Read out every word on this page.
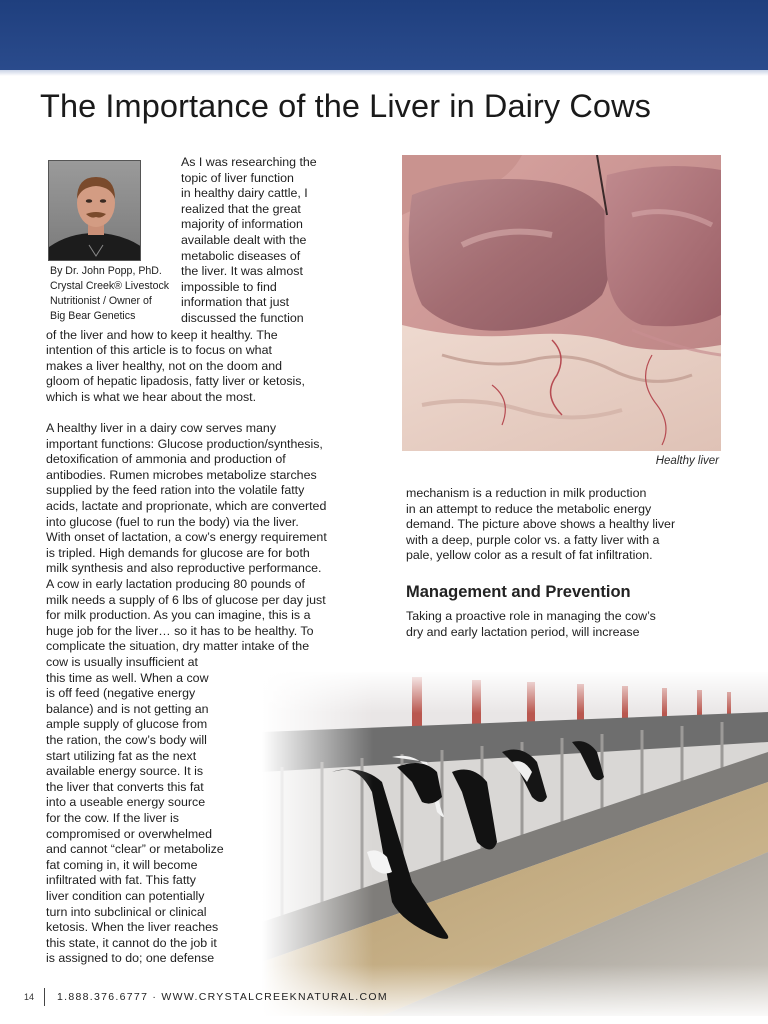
The Importance of the Liver in Dairy Cows
By Dr. John Popp, PhD.
Crystal Creek® Livestock
Nutritionist / Owner of
Big Bear Genetics
As I was researching the
topic of liver function
in healthy dairy cattle, I
realized that the great
majority of information
available dealt with the
metabolic diseases of
the liver. It was almost
impossible to find
information that just
discussed the function
of the liver and how to keep it healthy. The
intention of this article is to focus on what
makes a liver healthy, not on the doom and
gloom of hepatic lipadosis, fatty liver or ketosis,
which is what we hear about the most.
A healthy liver in a dairy cow serves many
important functions: Glucose production/synthesis,
detoxification of ammonia and production of
antibodies. Rumen microbes metabolize starches
supplied by the feed ration into the volatile fatty
acids, lactate and proprionate, which are converted
into glucose (fuel to run the body) via the liver.
With onset of lactation, a cow’s energy requirement
is tripled. High demands for glucose are for both
milk synthesis and also reproductive performance.
A cow in early lactation producing 80 pounds of
milk needs a supply of 6 lbs of glucose per day just
for milk production. As you can imagine, this is a
huge job for the liver… so it has to be healthy. To
complicate the situation, dry matter intake of the
cow is usually insufficient at
this time as well. When a cow
is off feed (negative energy
balance) and is not getting an
ample supply of glucose from
the ration, the cow’s body will
start utilizing fat as the next
available energy source. It is
the liver that converts this fat
into a useable energy source
for the cow. If the liver is
compromised or overwhelmed
and cannot “clear” or metabolize
fat coming in, it will become
infiltrated with fat. This fatty
liver condition can potentially
turn into subclinical or clinical
ketosis. When the liver reaches
this state, it cannot do the job it
is assigned to do; one defense
Healthy liver
mechanism is a reduction in milk production
in an attempt to reduce the metabolic energy
demand. The picture above shows a healthy liver
with a deep, purple color vs. a fatty liver with a
pale, yellow color as a result of fat infiltration.
Management and Prevention
Taking a proactive role in managing the cow’s
dry and early lactation period, will increase
14 1.888.376.6777 · WWW.CRYSTALCREEKNATURAL.COM
